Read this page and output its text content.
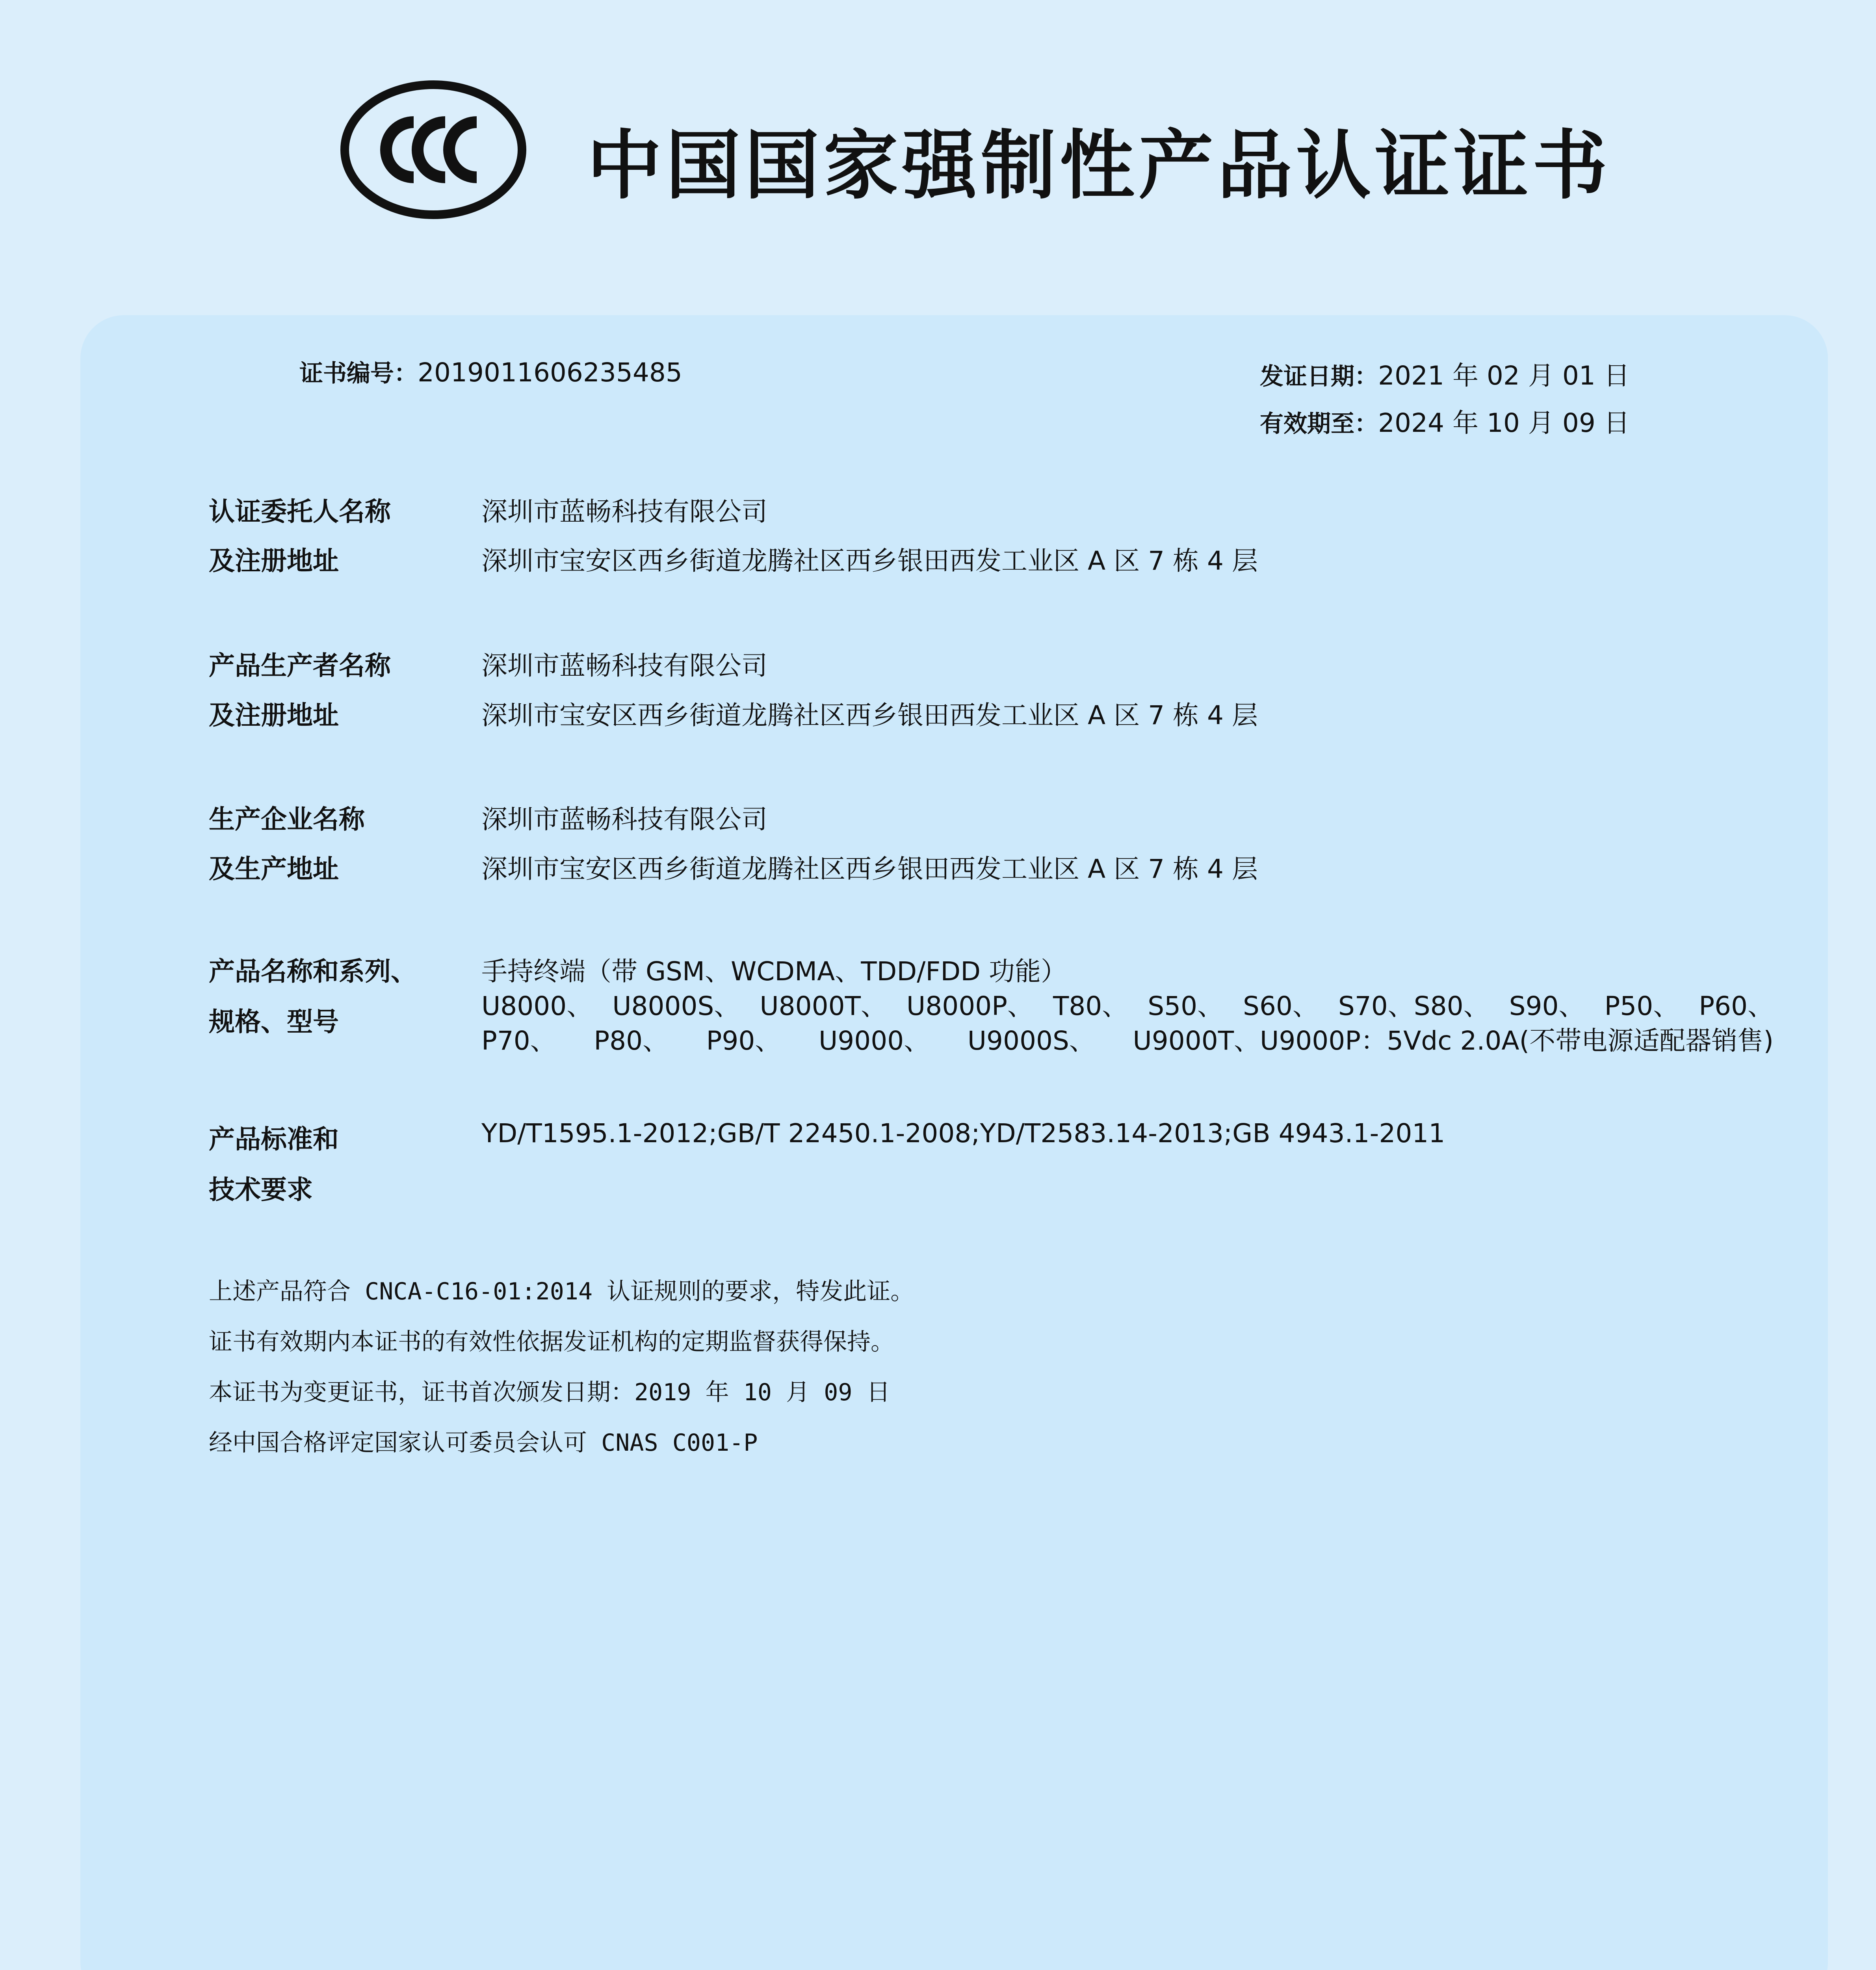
中国国家强制性产品认证证书
证书编号：2019011606235485	发证日期：2021 年 02 月 01 日
有效期至：2024 年 10 月 09 日
认证委托人名称
及注册地址
深圳市蓝畅科技有限公司
深圳市宝安区西乡街道龙腾社区西乡银田西发工业区 A 区 7 栋 4 层
产品生产者名称
及注册地址
深圳市蓝畅科技有限公司
深圳市宝安区西乡街道龙腾社区西乡银田西发工业区 A 区 7 栋 4 层
生产企业名称
及生产地址
深圳市蓝畅科技有限公司
深圳市宝安区西乡街道龙腾社区西乡银田西发工业区 A 区 7 栋 4 层
产品名称和系列、
规格、型号
手持终端（带 GSM、WCDMA、TDD/FDD 功能）
U8000、 U8000S、 U8000T、 U8000P、 T80、 S50、 S60、 S70、S80、 S90、 P50、 P60、
P70、 P80、 P90、 U9000、 U9000S、 U9000T、U9000P：5Vdc 2.0A(不带电源适配器销售)
产品标准和
技术要求
YD/T1595.1-2012;GB/T 22450.1-2008;YD/T2583.14-2013;GB 4943.1-2011
上述产品符合 CNCA-C16-01:2014 认证规则的要求，特发此证。
证书有效期内本证书的有效性依据发证机构的定期监督获得保持。
本证书为变更证书，证书首次颁发日期：2019 年 10 月 09 日
经中国合格评定国家认可委员会认可 CNAS C001-P
